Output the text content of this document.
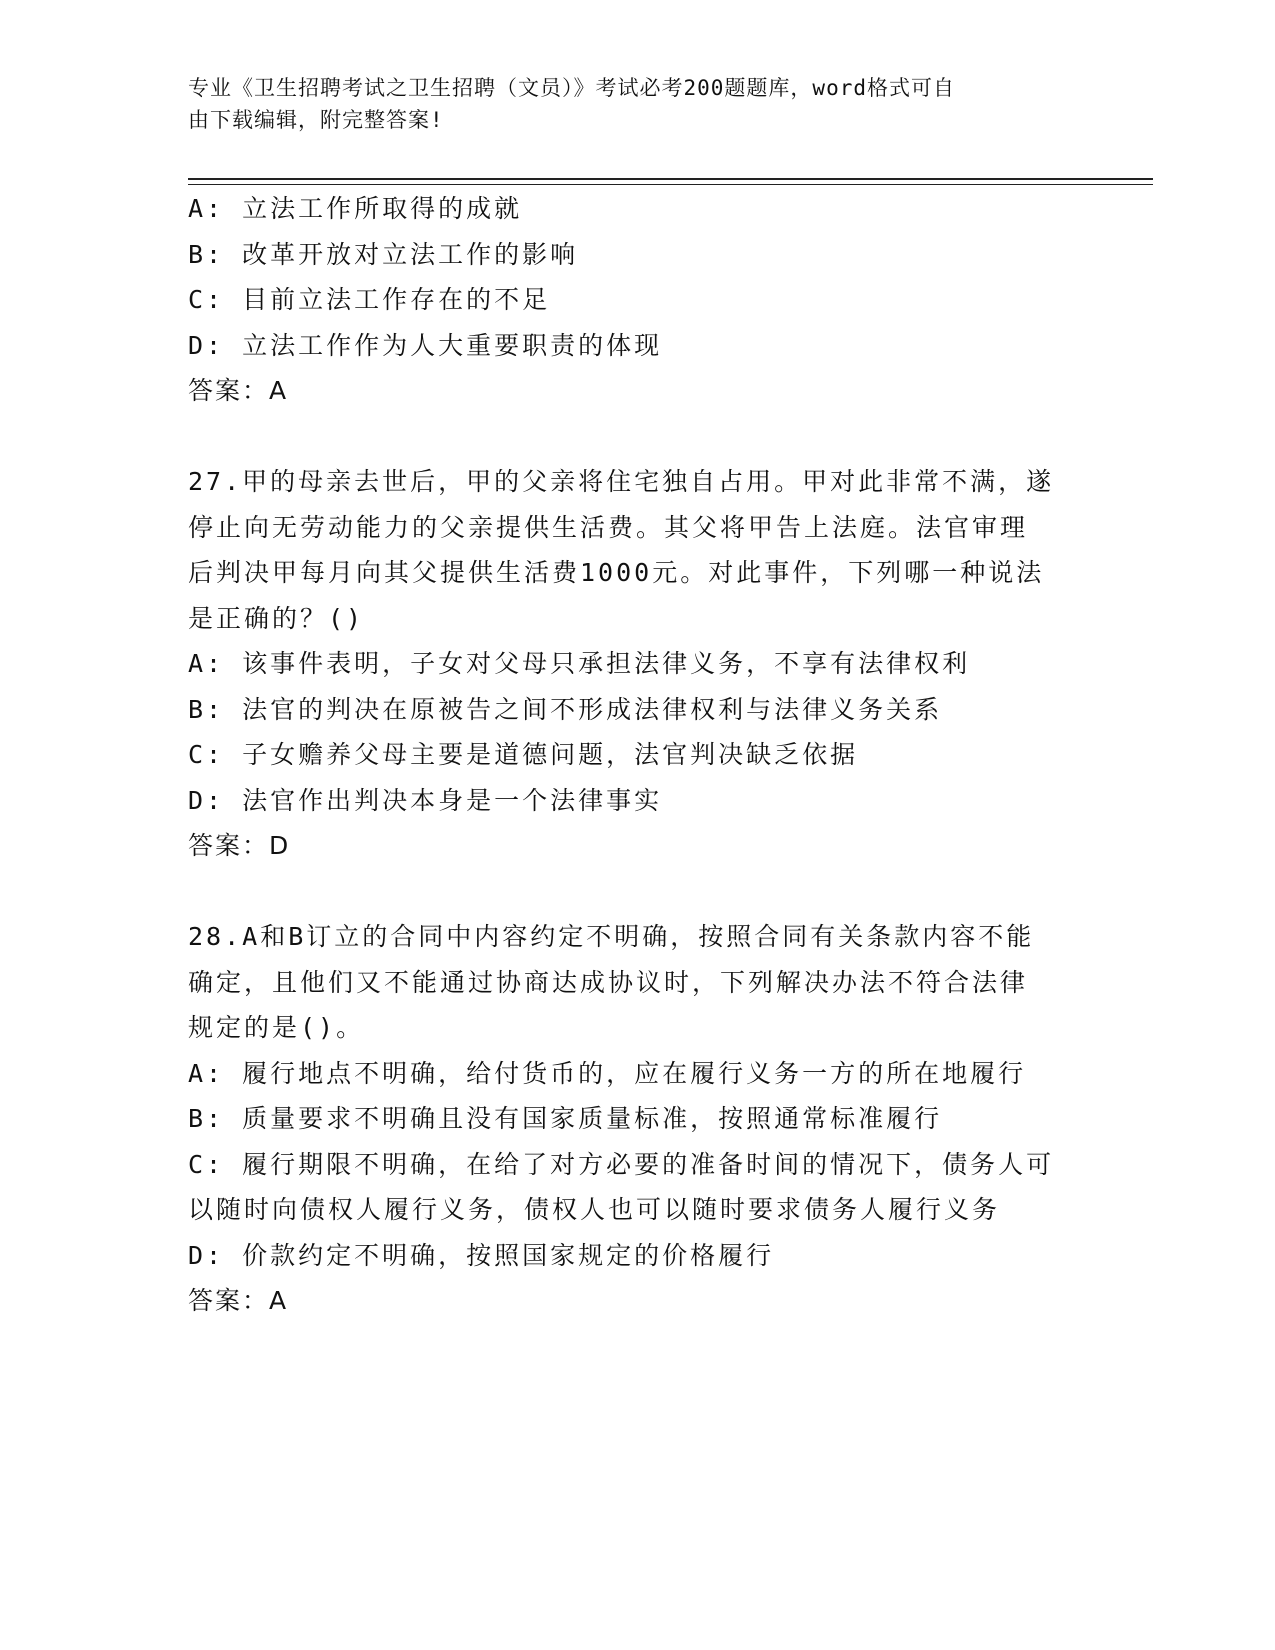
专业《卫生招聘考试之卫生招聘（文员）》考试必考200题题库，word格式可自
由下载编辑，附完整答案!
A: 立法工作所取得的成就
B: 改革开放对立法工作的影响
C: 目前立法工作存在的不足
D: 立法工作作为人大重要职责的体现
答案：A
27.甲的母亲去世后，甲的父亲将住宅独自占用。甲对此非常不满，遂
停止向无劳动能力的父亲提供生活费。其父将甲告上法庭。法官审理
后判决甲每月向其父提供生活费1000元。对此事件，下列哪一种说法
是正确的？()
A: 该事件表明，子女对父母只承担法律义务，不享有法律权利
B: 法官的判决在原被告之间不形成法律权利与法律义务关系
C: 子女赡养父母主要是道德问题，法官判决缺乏依据
D: 法官作出判决本身是一个法律事实
答案：D
28.A和B订立的合同中内容约定不明确，按照合同有关条款内容不能
确定，且他们又不能通过协商达成协议时，下列解决办法不符合法律
规定的是()。
A: 履行地点不明确，给付货币的，应在履行义务一方的所在地履行
B: 质量要求不明确且没有国家质量标准，按照通常标准履行
C: 履行期限不明确，在给了对方必要的准备时间的情况下，债务人可
以随时向债权人履行义务，债权人也可以随时要求债务人履行义务
D: 价款约定不明确，按照国家规定的价格履行
答案：A
